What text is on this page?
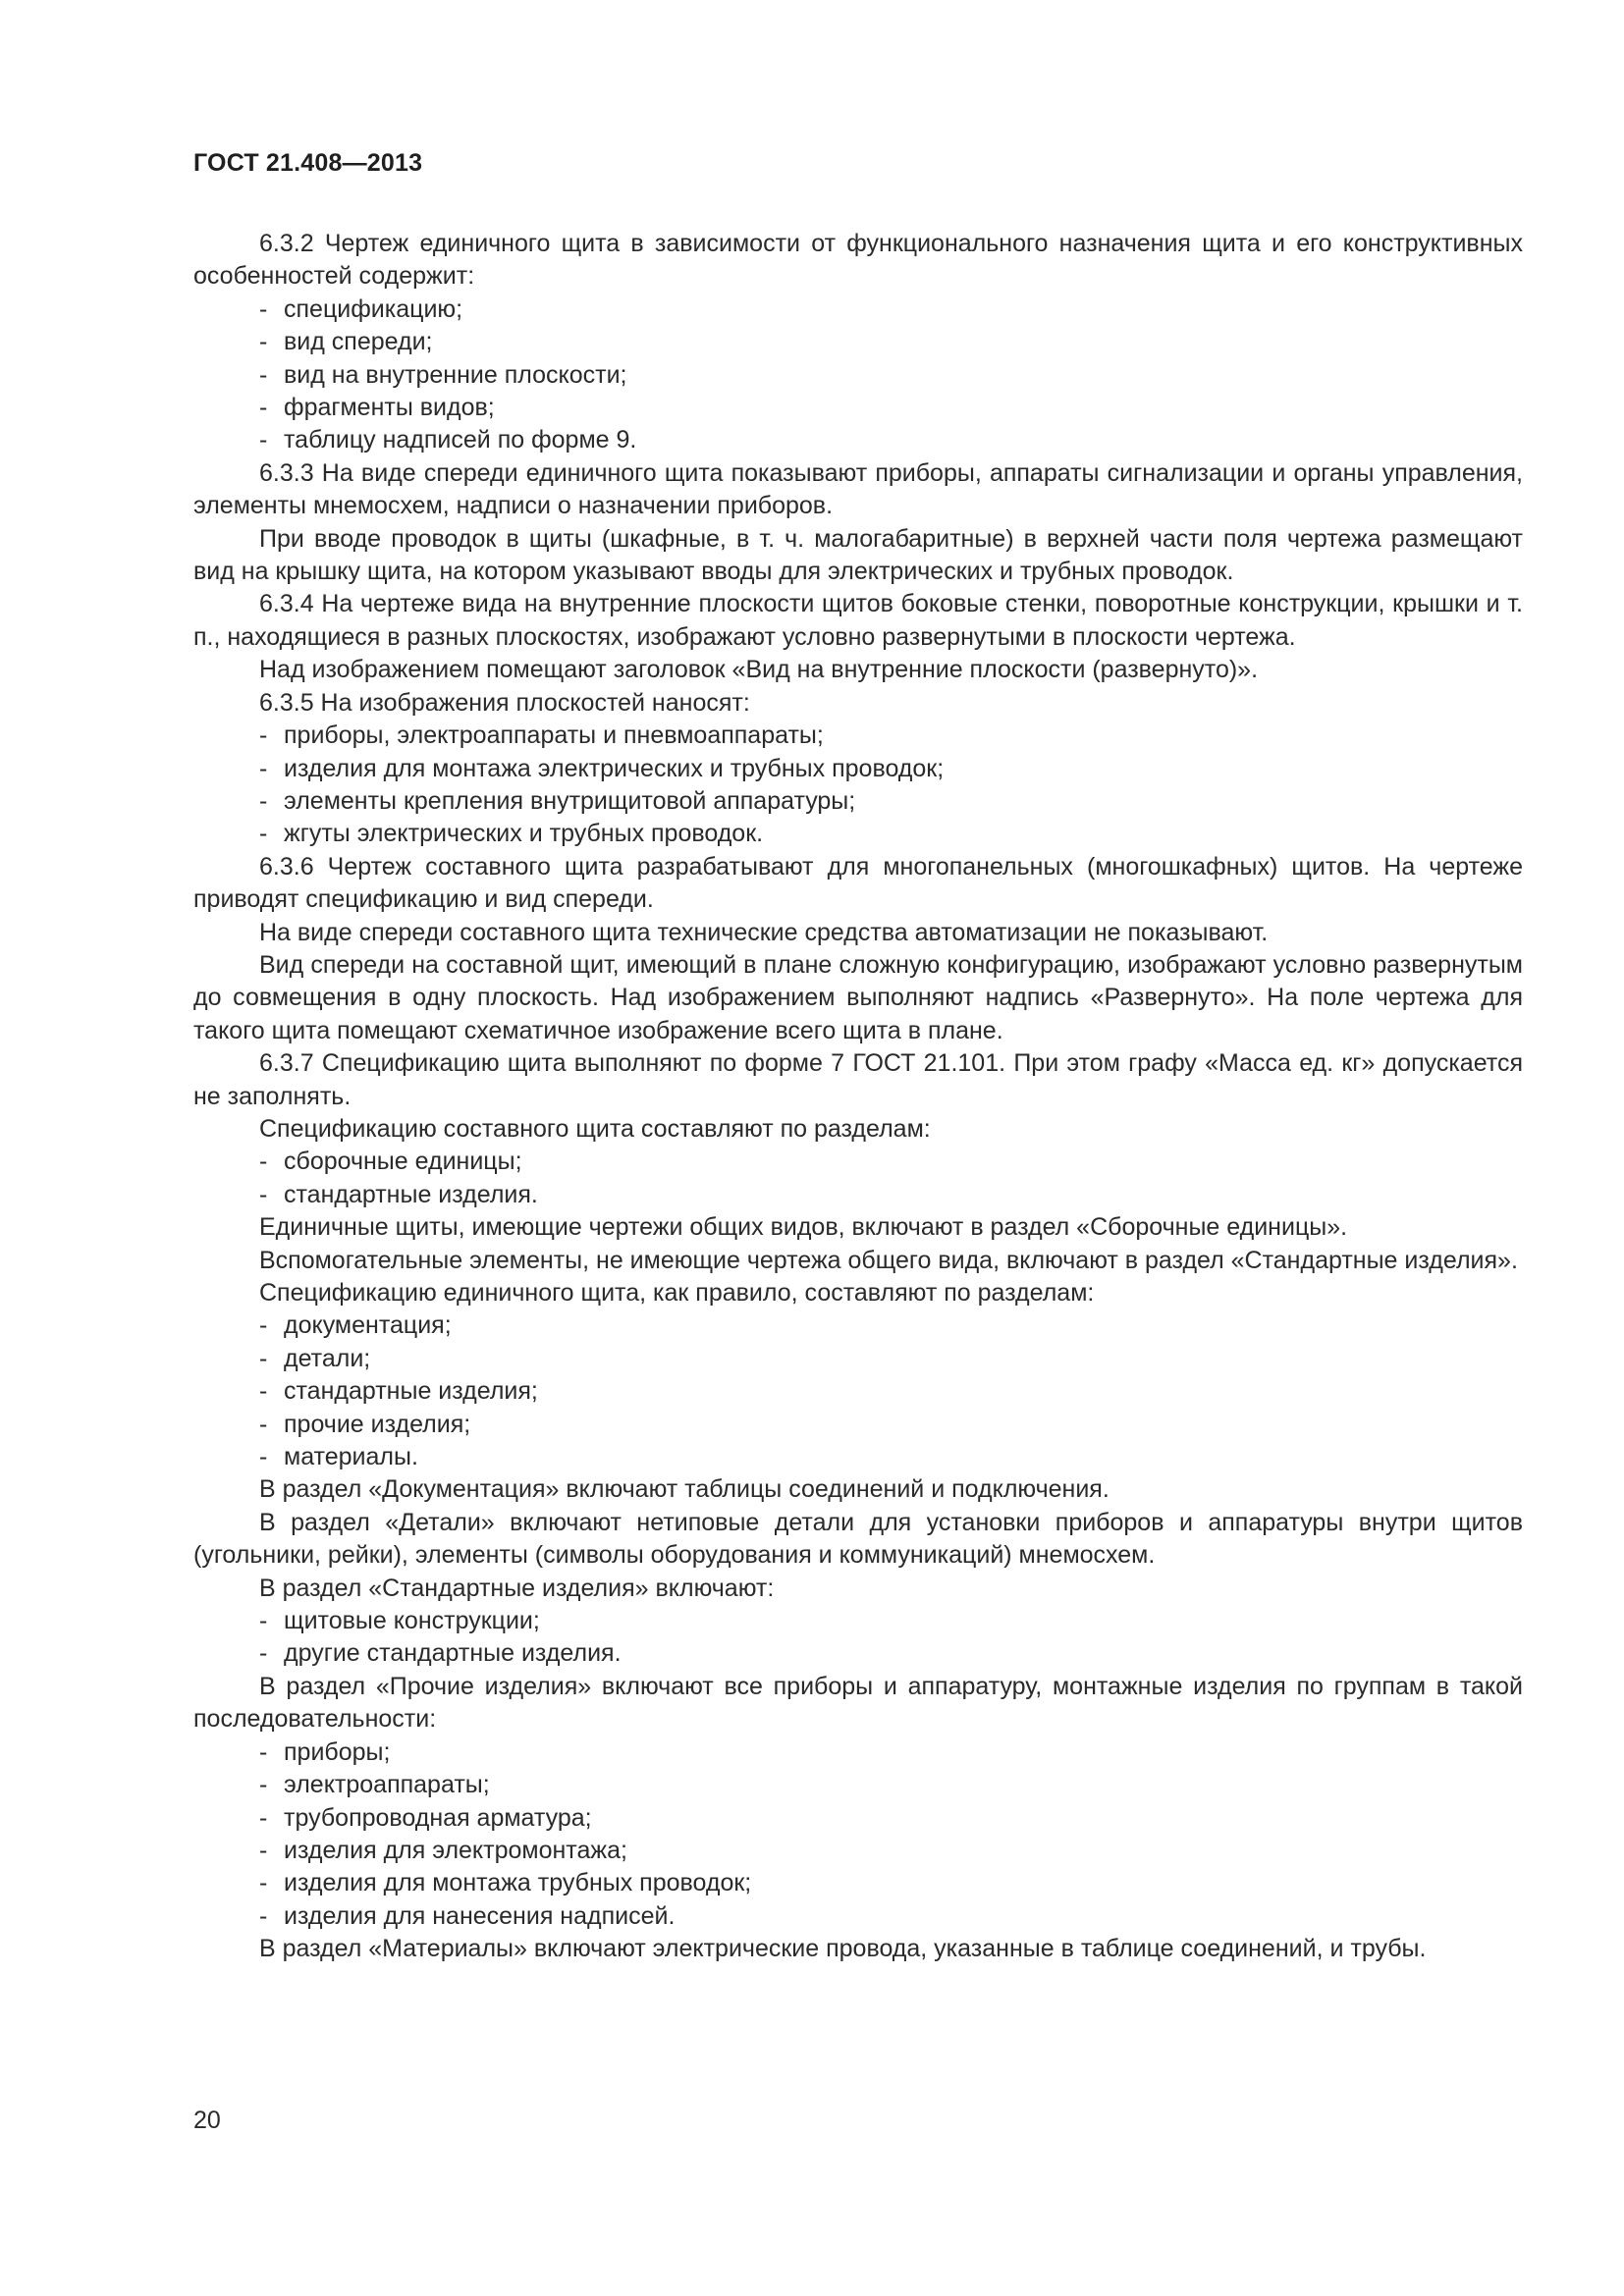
ГОСТ 21.408—2013
6.3.2 Чертеж единичного щита в зависимости от функционального назначения щита и его конструктивных особенностей содержит:
- спецификацию;
- вид спереди;
- вид на внутренние плоскости;
- фрагменты видов;
- таблицу надписей по форме 9.
6.3.3 На виде спереди единичного щита показывают приборы, аппараты сигнализации и органы управления, элементы мнемосхем, надписи о назначении приборов.
При вводе проводок в щиты (шкафные, в т. ч. малогабаритные) в верхней части поля чертежа размещают вид на крышку щита, на котором указывают вводы для электрических и трубных проводок.
6.3.4 На чертеже вида на внутренние плоскости щитов боковые стенки, поворотные конструкции, крышки и т. п., находящиеся в разных плоскостях, изображают условно развернутыми в плоскости чертежа.
Над изображением помещают заголовок «Вид на внутренние плоскости (развернуто)».
6.3.5 На изображения плоскостей наносят:
- приборы, электроаппараты и пневмоаппараты;
- изделия для монтажа электрических и трубных проводок;
- элементы крепления внутрищитовой аппаратуры;
- жгуты электрических и трубных проводок.
6.3.6 Чертеж составного щита разрабатывают для многопанельных (многошкафных) щитов. На чертеже приводят спецификацию и вид спереди.
На виде спереди составного щита технические средства автоматизации не показывают.
Вид спереди на составной щит, имеющий в плане сложную конфигурацию, изображают условно развернутым до совмещения в одну плоскость. Над изображением выполняют надпись «Развернуто». На поле чертежа для такого щита помещают схематичное изображение всего щита в плане.
6.3.7 Спецификацию щита выполняют по форме 7 ГОСТ 21.101. При этом графу «Масса ед. кг» допускается не заполнять.
Спецификацию составного щита составляют по разделам:
- сборочные единицы;
- стандартные изделия.
Единичные щиты, имеющие чертежи общих видов, включают в раздел «Сборочные единицы».
Вспомогательные элементы, не имеющие чертежа общего вида, включают в раздел «Стандартные изделия».
Спецификацию единичного щита, как правило, составляют по разделам:
- документация;
- детали;
- стандартные изделия;
- прочие изделия;
- материалы.
В раздел «Документация» включают таблицы соединений и подключения.
В раздел «Детали» включают нетиповые детали для установки приборов и аппаратуры внутри щитов (угольники, рейки), элементы (символы оборудования и коммуникаций) мнемосхем.
В раздел «Стандартные изделия» включают:
- щитовые конструкции;
- другие стандартные изделия.
В раздел «Прочие изделия» включают все приборы и аппаратуру, монтажные изделия по группам в такой последовательности:
- приборы;
- электроаппараты;
- трубопроводная арматура;
- изделия для электромонтажа;
- изделия для монтажа трубных проводок;
- изделия для нанесения надписей.
В раздел «Материалы» включают электрические провода, указанные в таблице соединений, и трубы.
20
